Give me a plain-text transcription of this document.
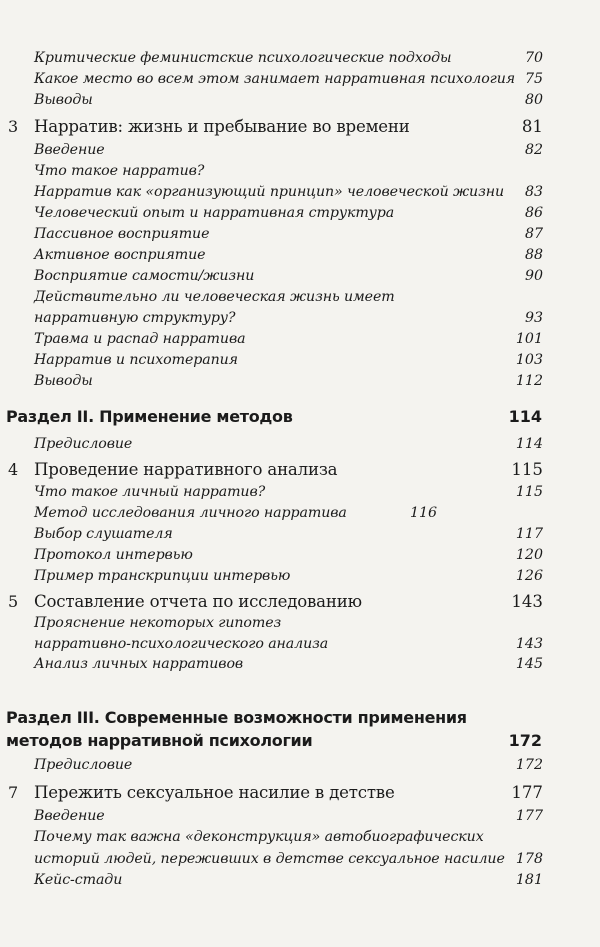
Критические феминистские психологические подходы	70
Какое место во всем этом занимает нарративная психология 75
Выводы	80
3 Нарратив: жизнь и пребывание во времени	81
Введение	82
Что такое нарратив?
Нарратив как «организующий принцип» человеческой жизни 83
Человеческий опыт и нарративная структура	86
Пассивное восприятие	87
Активное восприятие	88
Восприятие самости/жизни	90
Действительно ли человеческая жизнь имеет
нарративную структуру?	93
Травма и распад нарратива	101
Нарратив и психотерапия	103
Выводы	112
Раздел II. Применение методов	114
Предисловие	114
4 Проведение нарративного анализа	115
Что такое личный нарратив?	115
Метод исследования личного нарратива	116
Выбор слушателя	117
Протокол интервью	120
Пример транскрипции интервью	126
5 Составление отчета по исследованию	143
Прояснение некоторых гипотез
нарративно-психологического анализа	143
Анализ личных нарративов	145
Раздел III. Современные возможности применения
методов нарративной психологии	172
Предисловие	172
7 Пережить сексуальное насилие в детстве	177
Введение	177
Почему так важна «деконструкция» автобиографических
историй людей, переживших в детстве сексуальное насилие 178
Кейс-стади	181
